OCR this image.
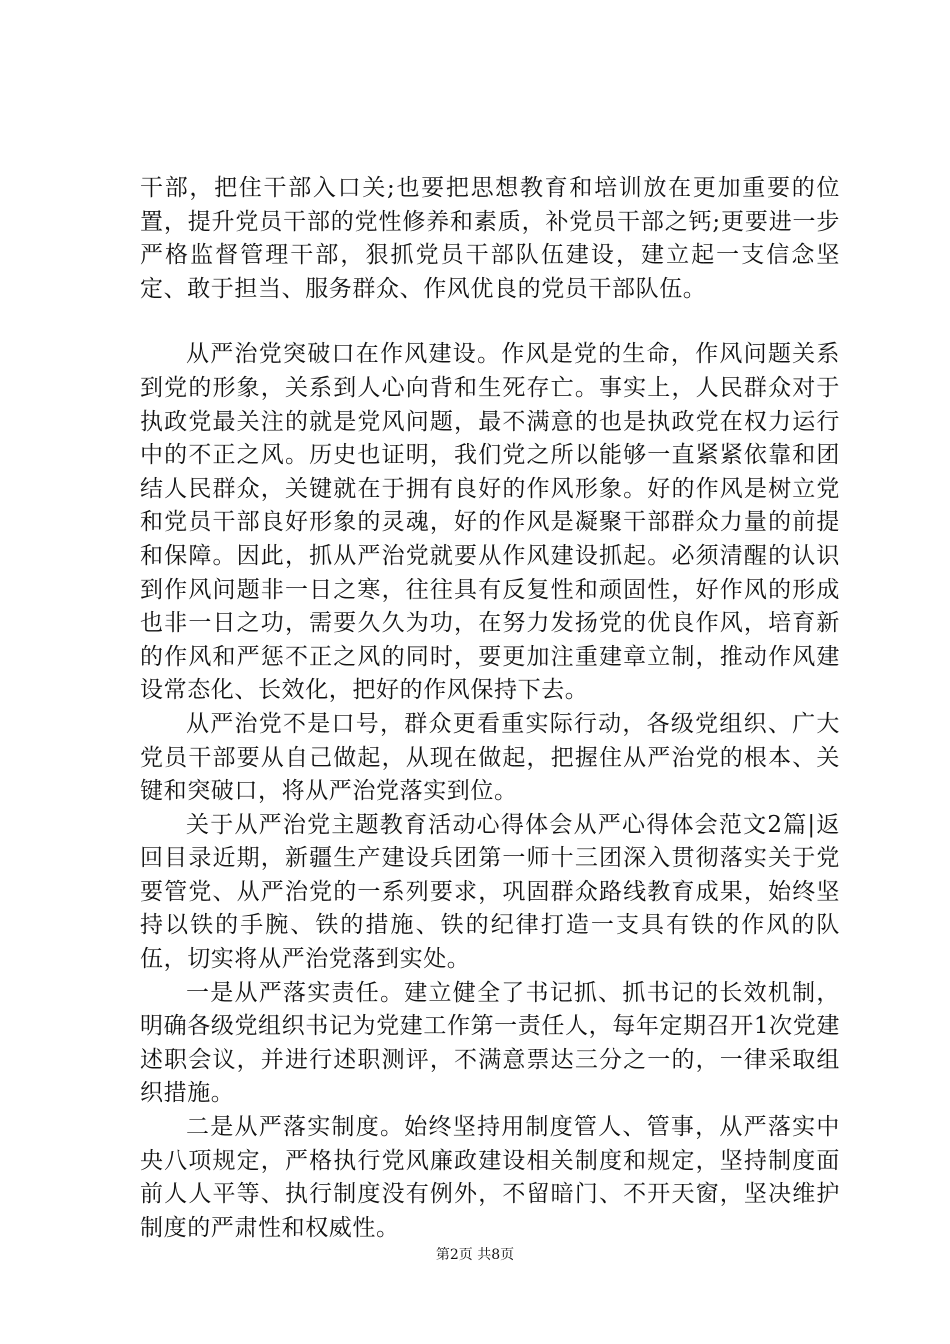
干部，把住干部入口关;也要把思想教育和培训放在更加重要的位置，提升党员干部的党性修养和素质，补党员干部之钙;更要进一步严格监督管理干部，狠抓党员干部队伍建设，建立起一支信念坚定、敢于担当、服务群众、作风优良的党员干部队伍。

从严治党突破口在作风建设。作风是党的生命，作风问题关系到党的形象，关系到人心向背和生死存亡。事实上，人民群众对于执政党最关注的就是党风问题，最不满意的也是执政党在权力运行中的不正之风。历史也证明，我们党之所以能够一直紧紧依靠和团结人民群众，关键就在于拥有良好的作风形象。好的作风是树立党和党员干部良好形象的灵魂，好的作风是凝聚干部群众力量的前提和保障。因此，抓从严治党就要从作风建设抓起。必须清醒的认识到作风问题非一日之寒，往往具有反复性和顽固性，好作风的形成也非一日之功，需要久久为功，在努力发扬党的优良作风，培育新的作风和严惩不正之风的同时，要更加注重建章立制，推动作风建设常态化、长效化，把好的作风保持下去。

从严治党不是口号，群众更看重实际行动，各级党组织、广大党员干部要从自己做起，从现在做起，把握住从严治党的根本、关键和突破口，将从严治党落实到位。

关于从严治党主题教育活动心得体会从严心得体会范文2篇|返回目录近期，新疆生产建设兵团第一师十三团深入贯彻落实关于党要管党、从严治党的一系列要求，巩固群众路线教育成果，始终坚持以铁的手腕、铁的措施、铁的纪律打造一支具有铁的作风的队伍，切实将从严治党落到实处。

一是从严落实责任。建立健全了书记抓、抓书记的长效机制，明确各级党组织书记为党建工作第一责任人，每年定期召开1次党建述职会议，并进行述职测评，不满意票达三分之一的，一律采取组织措施。

二是从严落实制度。始终坚持用制度管人、管事，从严落实中央八项规定，严格执行党风廉政建设相关制度和规定，坚持制度面前人人平等、执行制度没有例外，不留暗门、不开天窗，坚决维护制度的严肃性和权威性。

第2页 共8页
